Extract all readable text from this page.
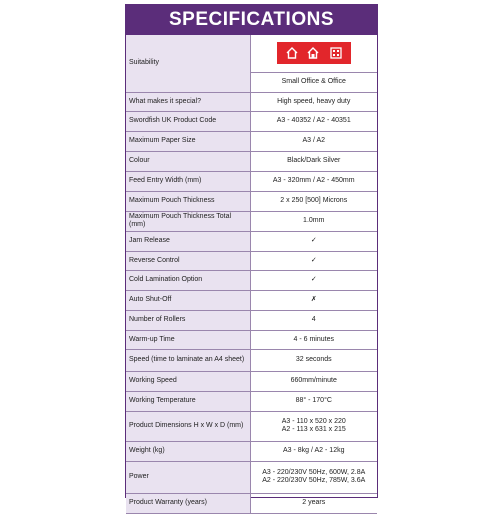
SPECIFICATIONS
Suitability	

	Small Office & Office
What makes it special?	High speed, heavy duty
Swordfish UK Product Code	A3 - 40352 / A2 - 40351
Maximum Paper Size	A3 / A2
Colour	Black/Dark Silver
Feed Entry Width (mm)	A3 - 320mm / A2 - 450mm
Maximum Pouch Thickness	2 x 250 [500] Microns
Maximum Pouch Thickness Total (mm)	1.0mm
Jam Release	✓
Reverse Control	✓
Cold Lamination Option	✓
Auto Shut-Off	✗
Number of Rollers	4
Warm-up Time	4 - 6 minutes
Speed (time to laminate an A4 sheet)	32 seconds
Working Speed	660mm/minute
Working Temperature	88° - 170°C
Product Dimensions H x W x D (mm)	A3 - 110 x 520 x 220
A2 - 113 x 631 x 215

Weight (kg)	A3 - 8kg / A2 - 12kg
Power	A3 - 220/230V 50Hz, 600W, 2.8A
A2 - 220/230V 50Hz, 785W, 3.6A

Product Warranty (years)	2 years
